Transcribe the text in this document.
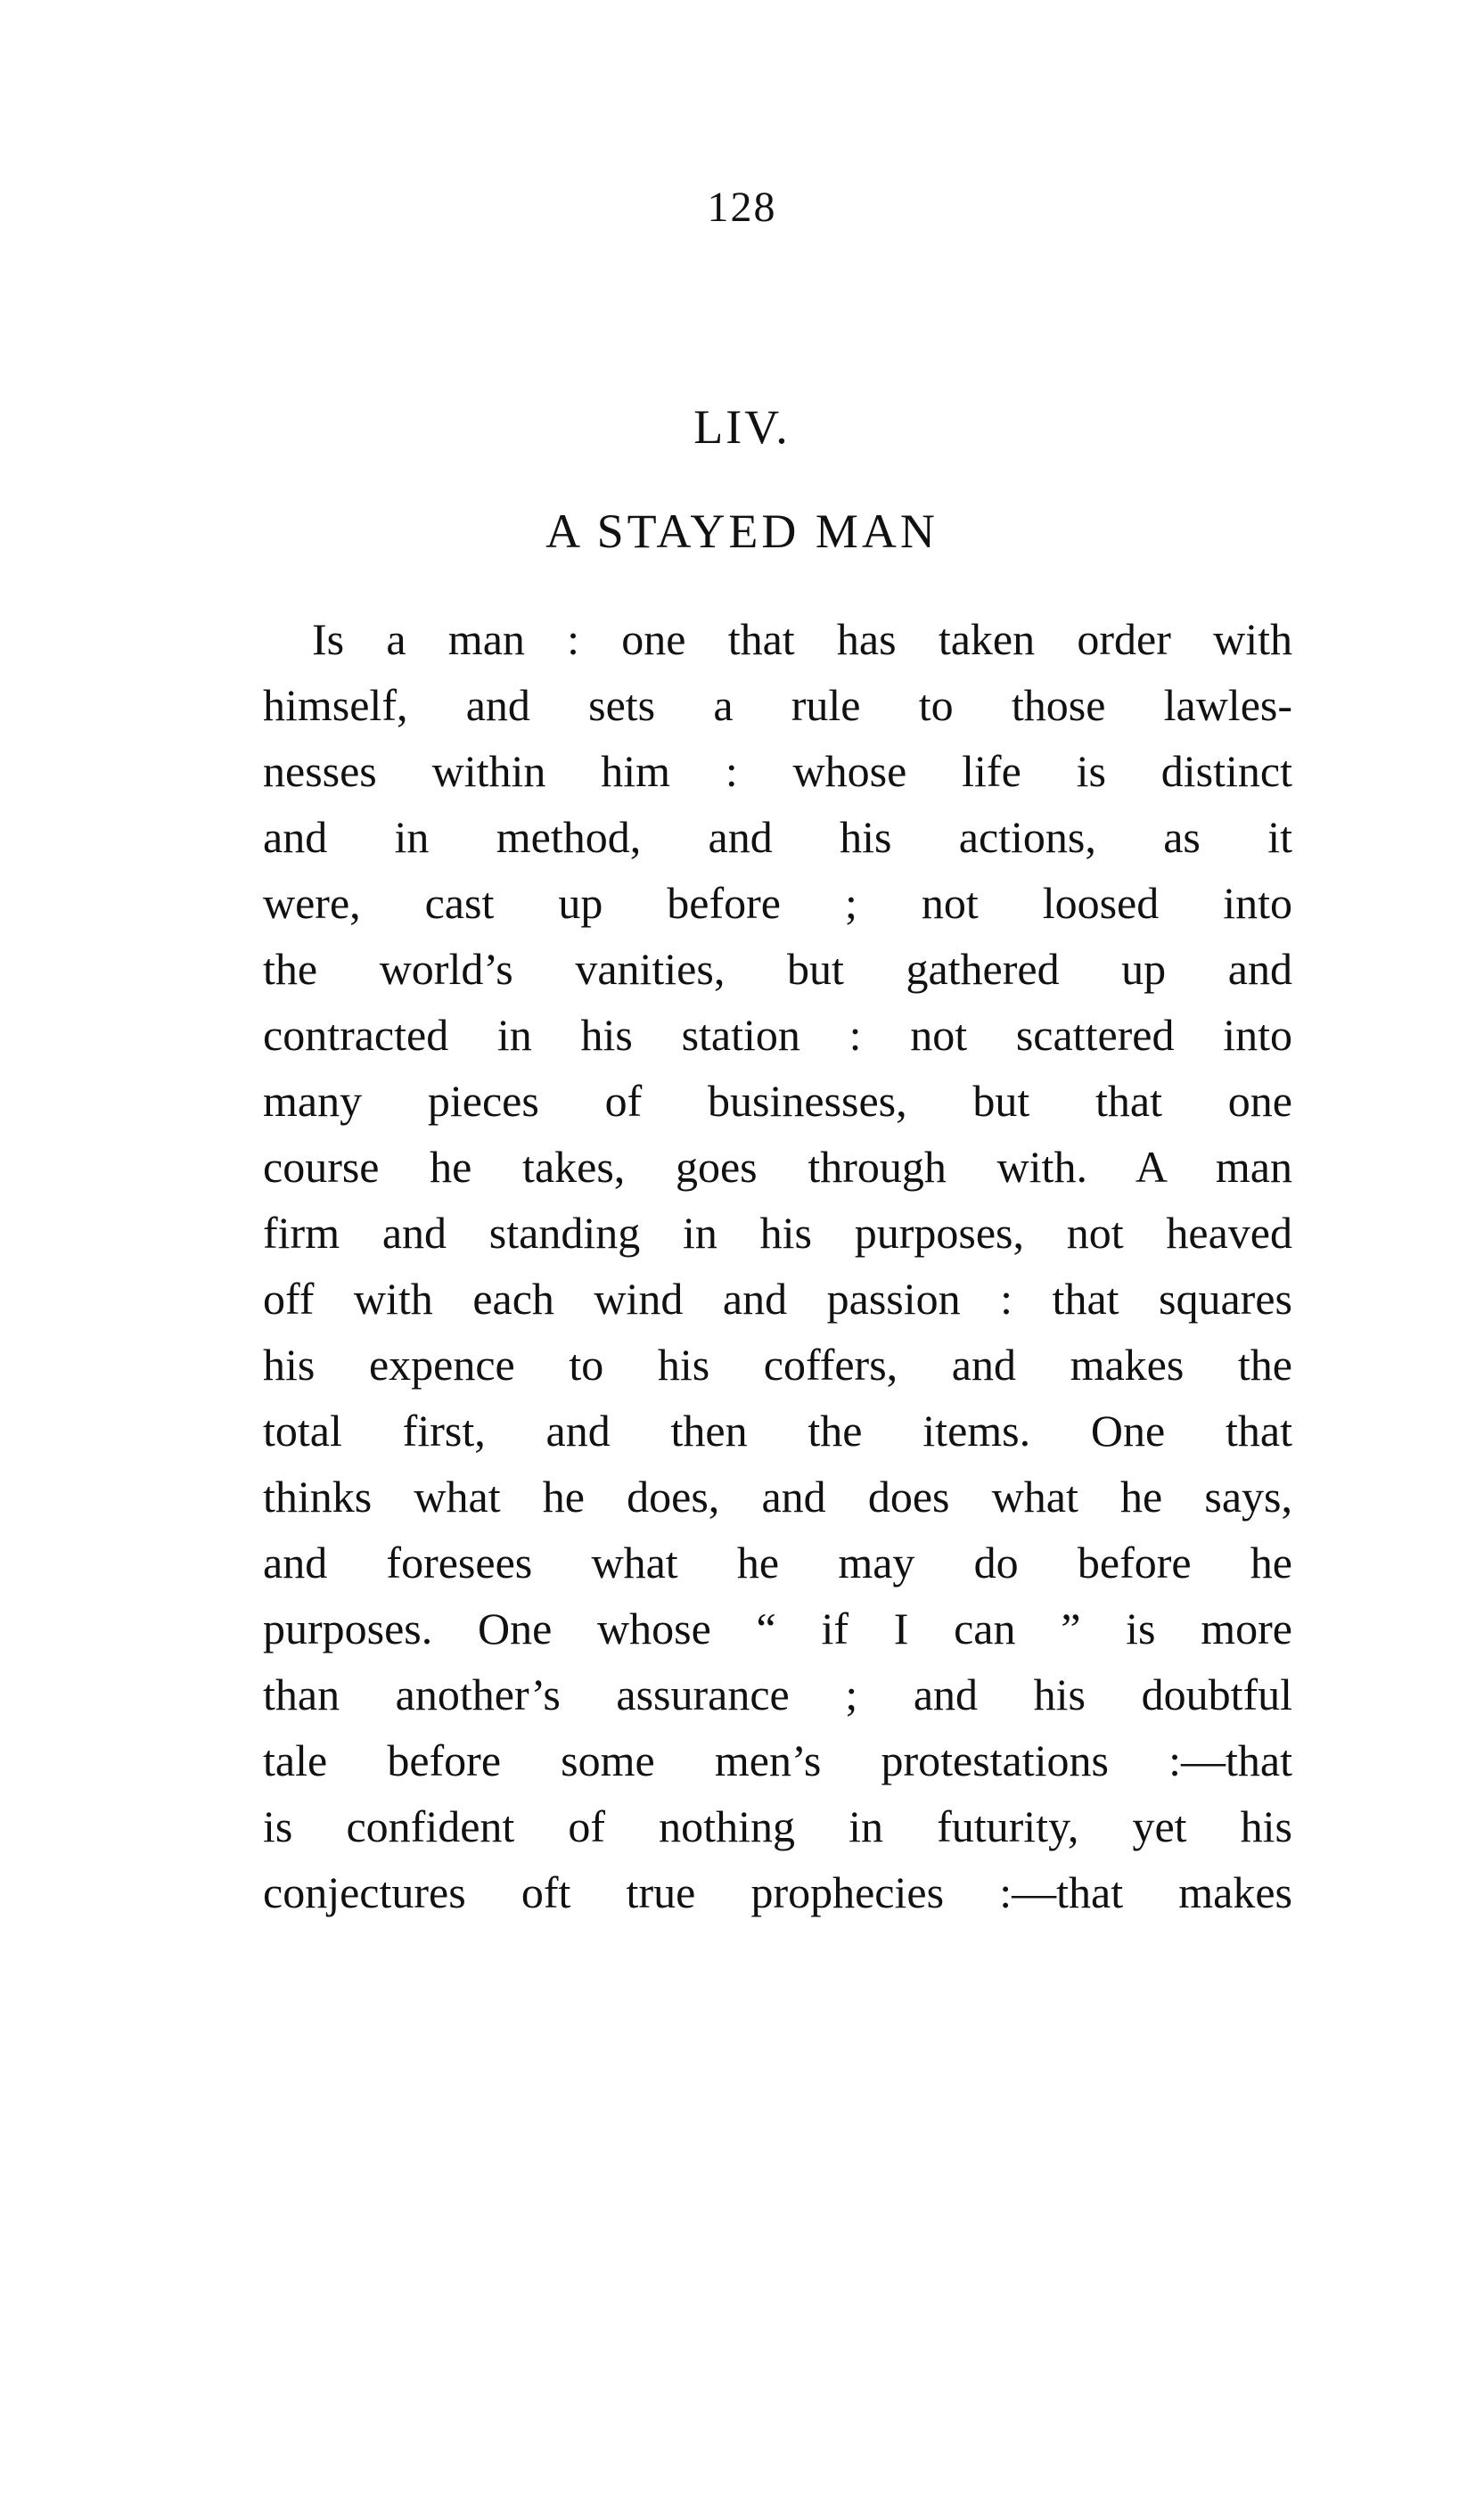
128
LIV.
A STAYED MAN
Is a man : one that has taken order with
himself, and sets a rule to those lawles-
nesses within him : whose life is distinct
and in method, and his actions, as it
were, cast up before ; not loosed into
the world’s vanities, but gathered up and
contracted in his station : not scattered into
many pieces of businesses, but that one
course he takes, goes through with. A man
firm and standing in his purposes, not heaved
off with each wind and passion : that squares
his expence to his coffers, and makes the
total first, and then the items. One that
thinks what he does, and does what he says,
and foresees what he may do before he
purposes. One whose “ if I can ” is more
than another’s assurance ; and his doubtful
tale before some men’s protestations :—that
is confident of nothing in futurity, yet his
conjectures oft true prophecies :—that makes
